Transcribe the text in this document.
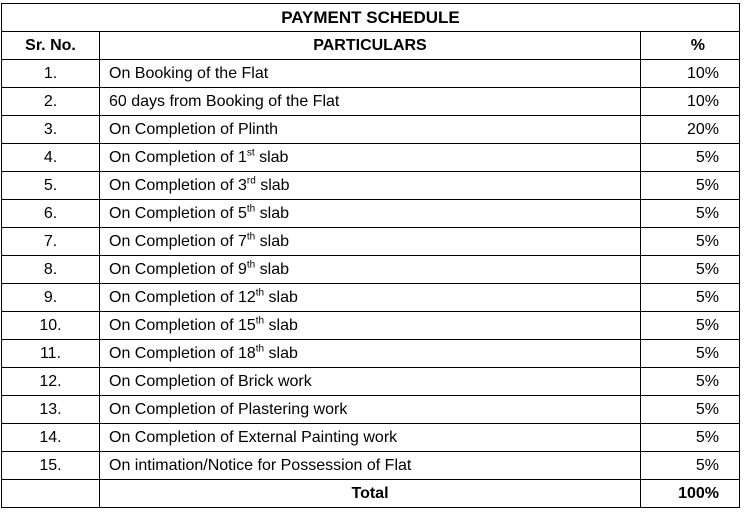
PAYMENT SCHEDULE		
Sr. No.	PARTICULARS	%
1.	On Booking of the Flat	10%
2.	60 days from Booking of the Flat	10%
3.	On Completion of Plinth	20%
4.	On Completion of 1st slab	5%
5.	On Completion of 3rd slab	5%
6.	On Completion of 5th slab	5%
7.	On Completion of 7th slab	5%
8.	On Completion of 9th slab	5%
9.	On Completion of 12th slab	5%
10.	On Completion of 15th slab	5%
11.	On Completion of 18th slab	5%
12.	On Completion of Brick work	5%
13.	On Completion of Plastering work	5%
14.	On Completion of External Painting work	5%
15.	On intimation/Notice for Possession of Flat	5%
	Total	100%
